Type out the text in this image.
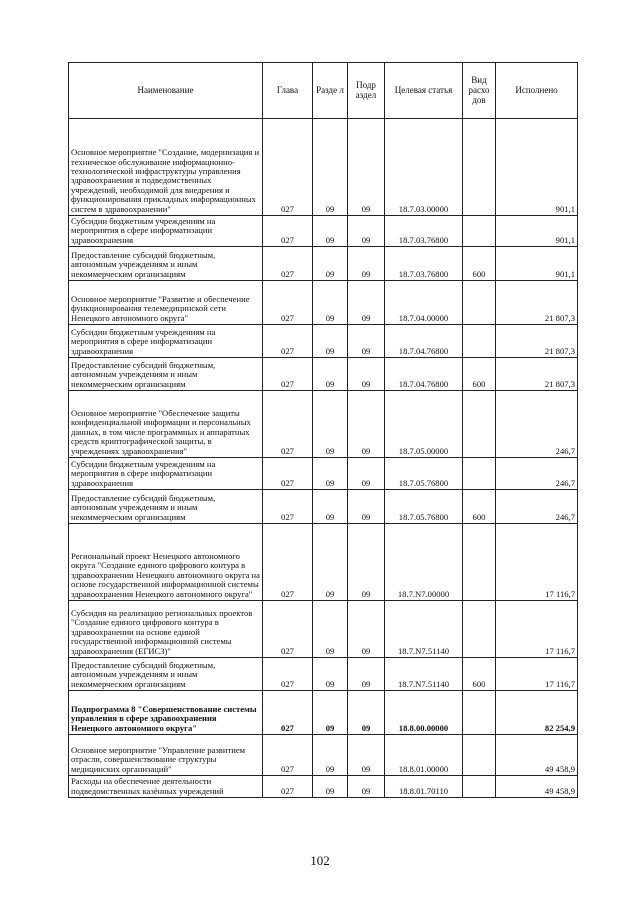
Наименование	Глава	Разде л	Подр аздел	Целевая статья	Вид расхо дов	Исполнено
Основное мероприятие "Создание, модернизация и техническое обслуживание информационно-технологической инфраструктуры управления здравоохранения и подведомственных учреждений, необходимой для внедрения и функционирования прикладных информационных систем в здравоохранении"	027	09	09	18.7.03.00000		901,1
Субсидии бюджетным учреждениям на мероприятия в сфере информатизации здравоохранения	027	09	09	18.7.03.76800		901,1
Предоставление субсидий бюджетным, автономным учреждениям и иным некоммерческим организациям	027	09	09	18.7.03.76800	600	901,1
Основное мероприятие "Развитие и обеспечение функционирования телемедицинской сети Ненецкого автономного округа"	027	09	09	18.7.04.00000		21 807,3
Субсидии бюджетным учреждениям на мероприятия в сфере информатизации здравоохранения	027	09	09	18.7.04.76800		21 807,3
Предоставление субсидий бюджетным, автономным учреждениям и иным некоммерческим организациям	027	09	09	18.7.04.76800	600	21 807,3
Основное мероприятие "Обеспечение защиты конфиденциальной информации и персональных данных, в том числе программных и аппаратных средств криптографической защиты, в учреждениях здравоохранения"	027	09	09	18.7.05.00000		246,7
Субсидии бюджетным учреждениям на мероприятия в сфере информатизации здравоохранения	027	09	09	18.7.05.76800		246,7
Предоставление субсидий бюджетным, автономным учреждениям и иным некоммерческим организациям	027	09	09	18.7.05.76800	600	246,7
Региональный проект Ненецкого автономного округа "Создание единого цифрового контура в здравоохранении Ненецкого автономного округа на основе государственной информационной системы здравоохранения Ненецкого автономного округа"	027	09	09	18.7.N7.00000		17 116,7
Субсидия на реализацию региональных проектов "Создание единого цифрового контура в здравоохранении на основе единой государственной информационной системы здравоохранения (ЕГИСЗ)"	027	09	09	18.7.N7.51140		17 116,7
Предоставление субсидий бюджетным, автономным учреждениям и иным некоммерческим организациям	027	09	09	18.7.N7.51140	600	17 116,7
Подпрограмма 8 "Совершенствование системы управления в сфере здравоохранения Ненецкого автономного округа"	027	09	09	18.8.00.00000		82 254,9
Основное мероприятие "Управление развитием отрасли, совершенствование структуры медицинских организаций"	027	09	09	18.8.01.00000		49 458,9
Расходы на обеспечение деятельности подведомственных казённых учреждений	027	09	09	18.8.01.70110		49 458,9
102
